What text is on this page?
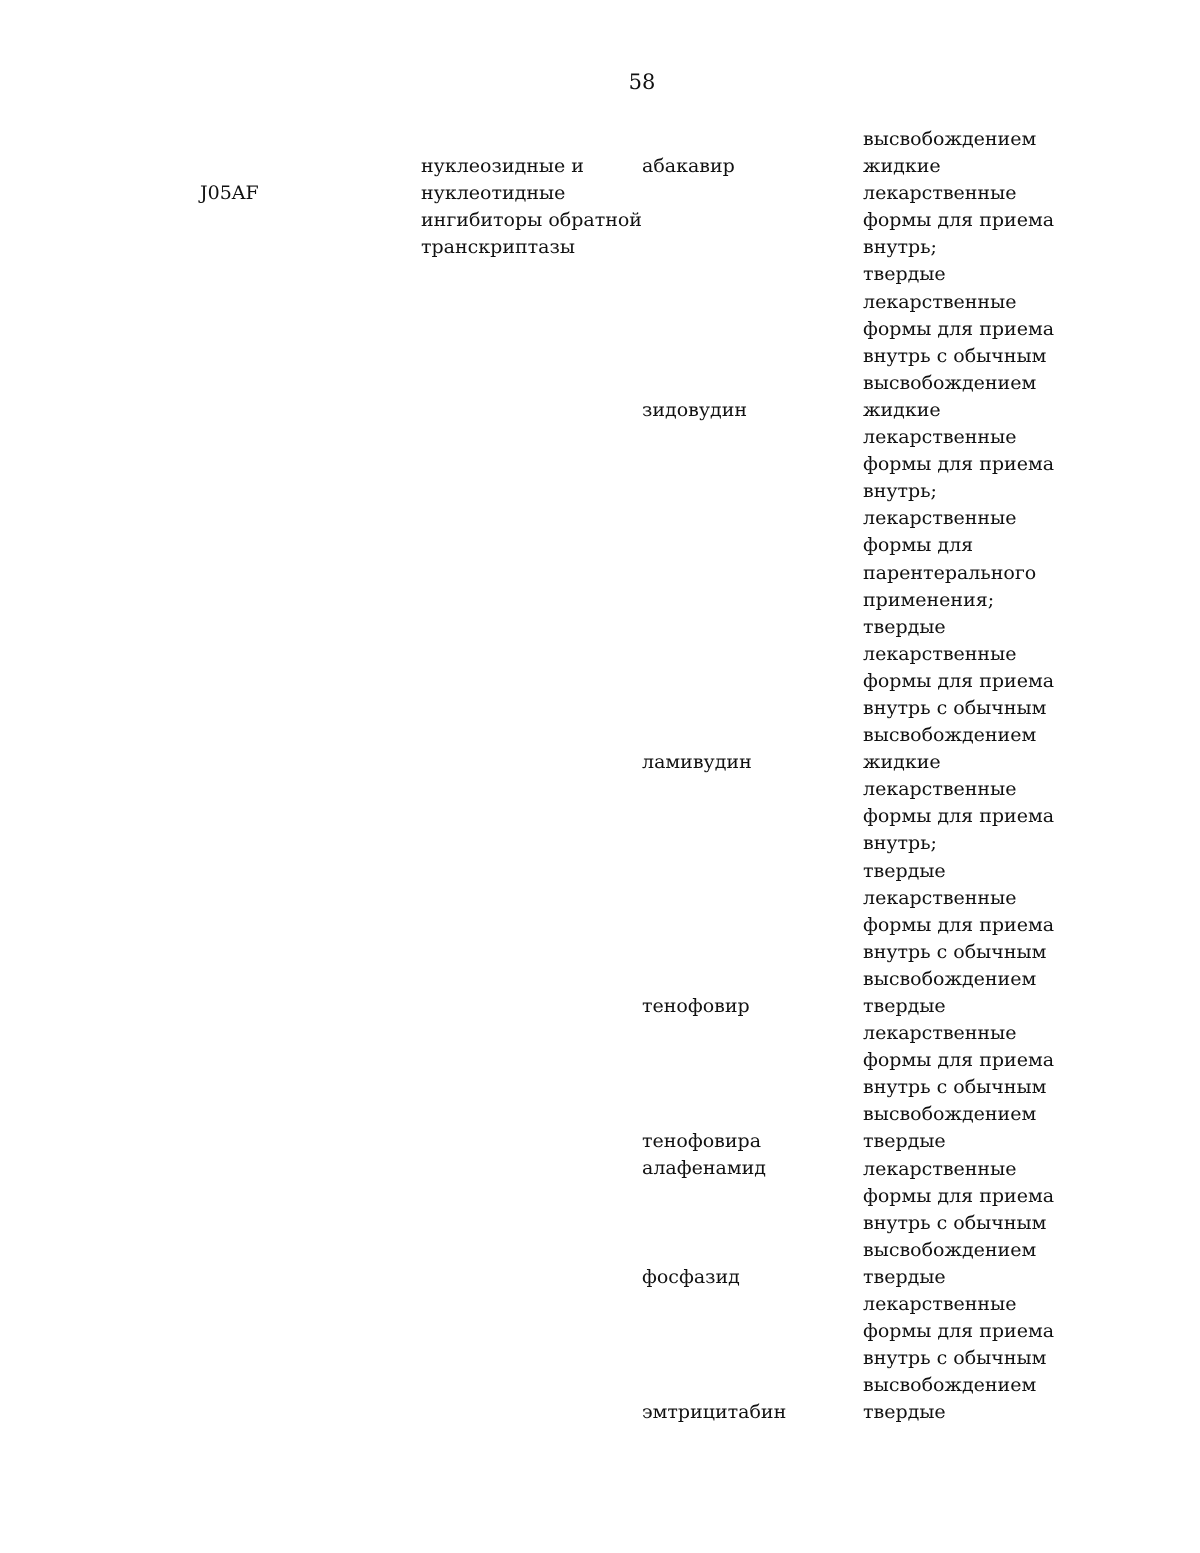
58
J05AF
нуклеозидные и
нуклеотидные
ингибиторы обратной
транскриптазы
абакавир
зидовудин
ламивудин
тенофовир
тенофовира
алафенамид
фосфазид
эмтрицитабин
высвобождением
жидкие
лекарственные
формы для приема
внутрь;
твердые
лекарственные
формы для приема
внутрь с обычным
высвобождением
жидкие
лекарственные
формы для приема
внутрь;
лекарственные
формы для
парентерального
применения;
твердые
лекарственные
формы для приема
внутрь с обычным
высвобождением
жидкие
лекарственные
формы для приема
внутрь;
твердые
лекарственные
формы для приема
внутрь с обычным
высвобождением
твердые
лекарственные
формы для приема
внутрь с обычным
высвобождением
твердые
лекарственные
формы для приема
внутрь с обычным
высвобождением
твердые
лекарственные
формы для приема
внутрь с обычным
высвобождением
твердые
